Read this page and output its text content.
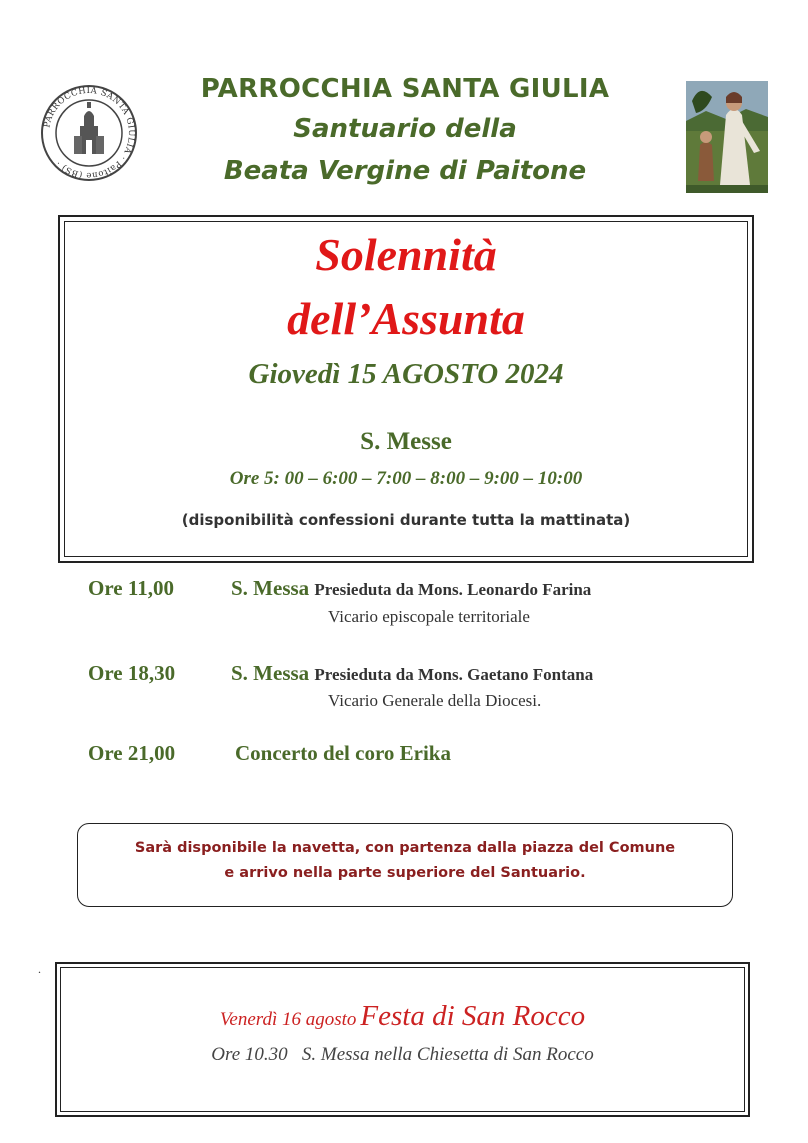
PARROCCHIA SANTA GIULIA · Paitone (BS) ·
PARROCCHIA SANTA GIULIA
Santuario della
Beata Vergine di Paitone
Solennità
dell’Assunta
Giovedì 15 AGOSTO 2024
S. Messe
Ore 5: 00 – 6:00 – 7:00 – 8:00 – 9:00 – 10:00
(disponibilità confessioni durante tutta la mattinata)
Ore 11,00	S. Messa Presieduta da Mons. Leonardo Farina
Vicario episcopale territoriale
Ore 18,30	S. Messa Presieduta da Mons. Gaetano Fontana
Vicario Generale della Diocesi.
Ore 21,00	Concerto del coro Erika
Sarà disponibile la navetta, con partenza dalla piazza del Comune
e arrivo nella parte superiore del Santuario.
.
Venerdì 16 agosto Festa di San Rocco
Ore 10.30   S. Messa nella Chiesetta di San Rocco
